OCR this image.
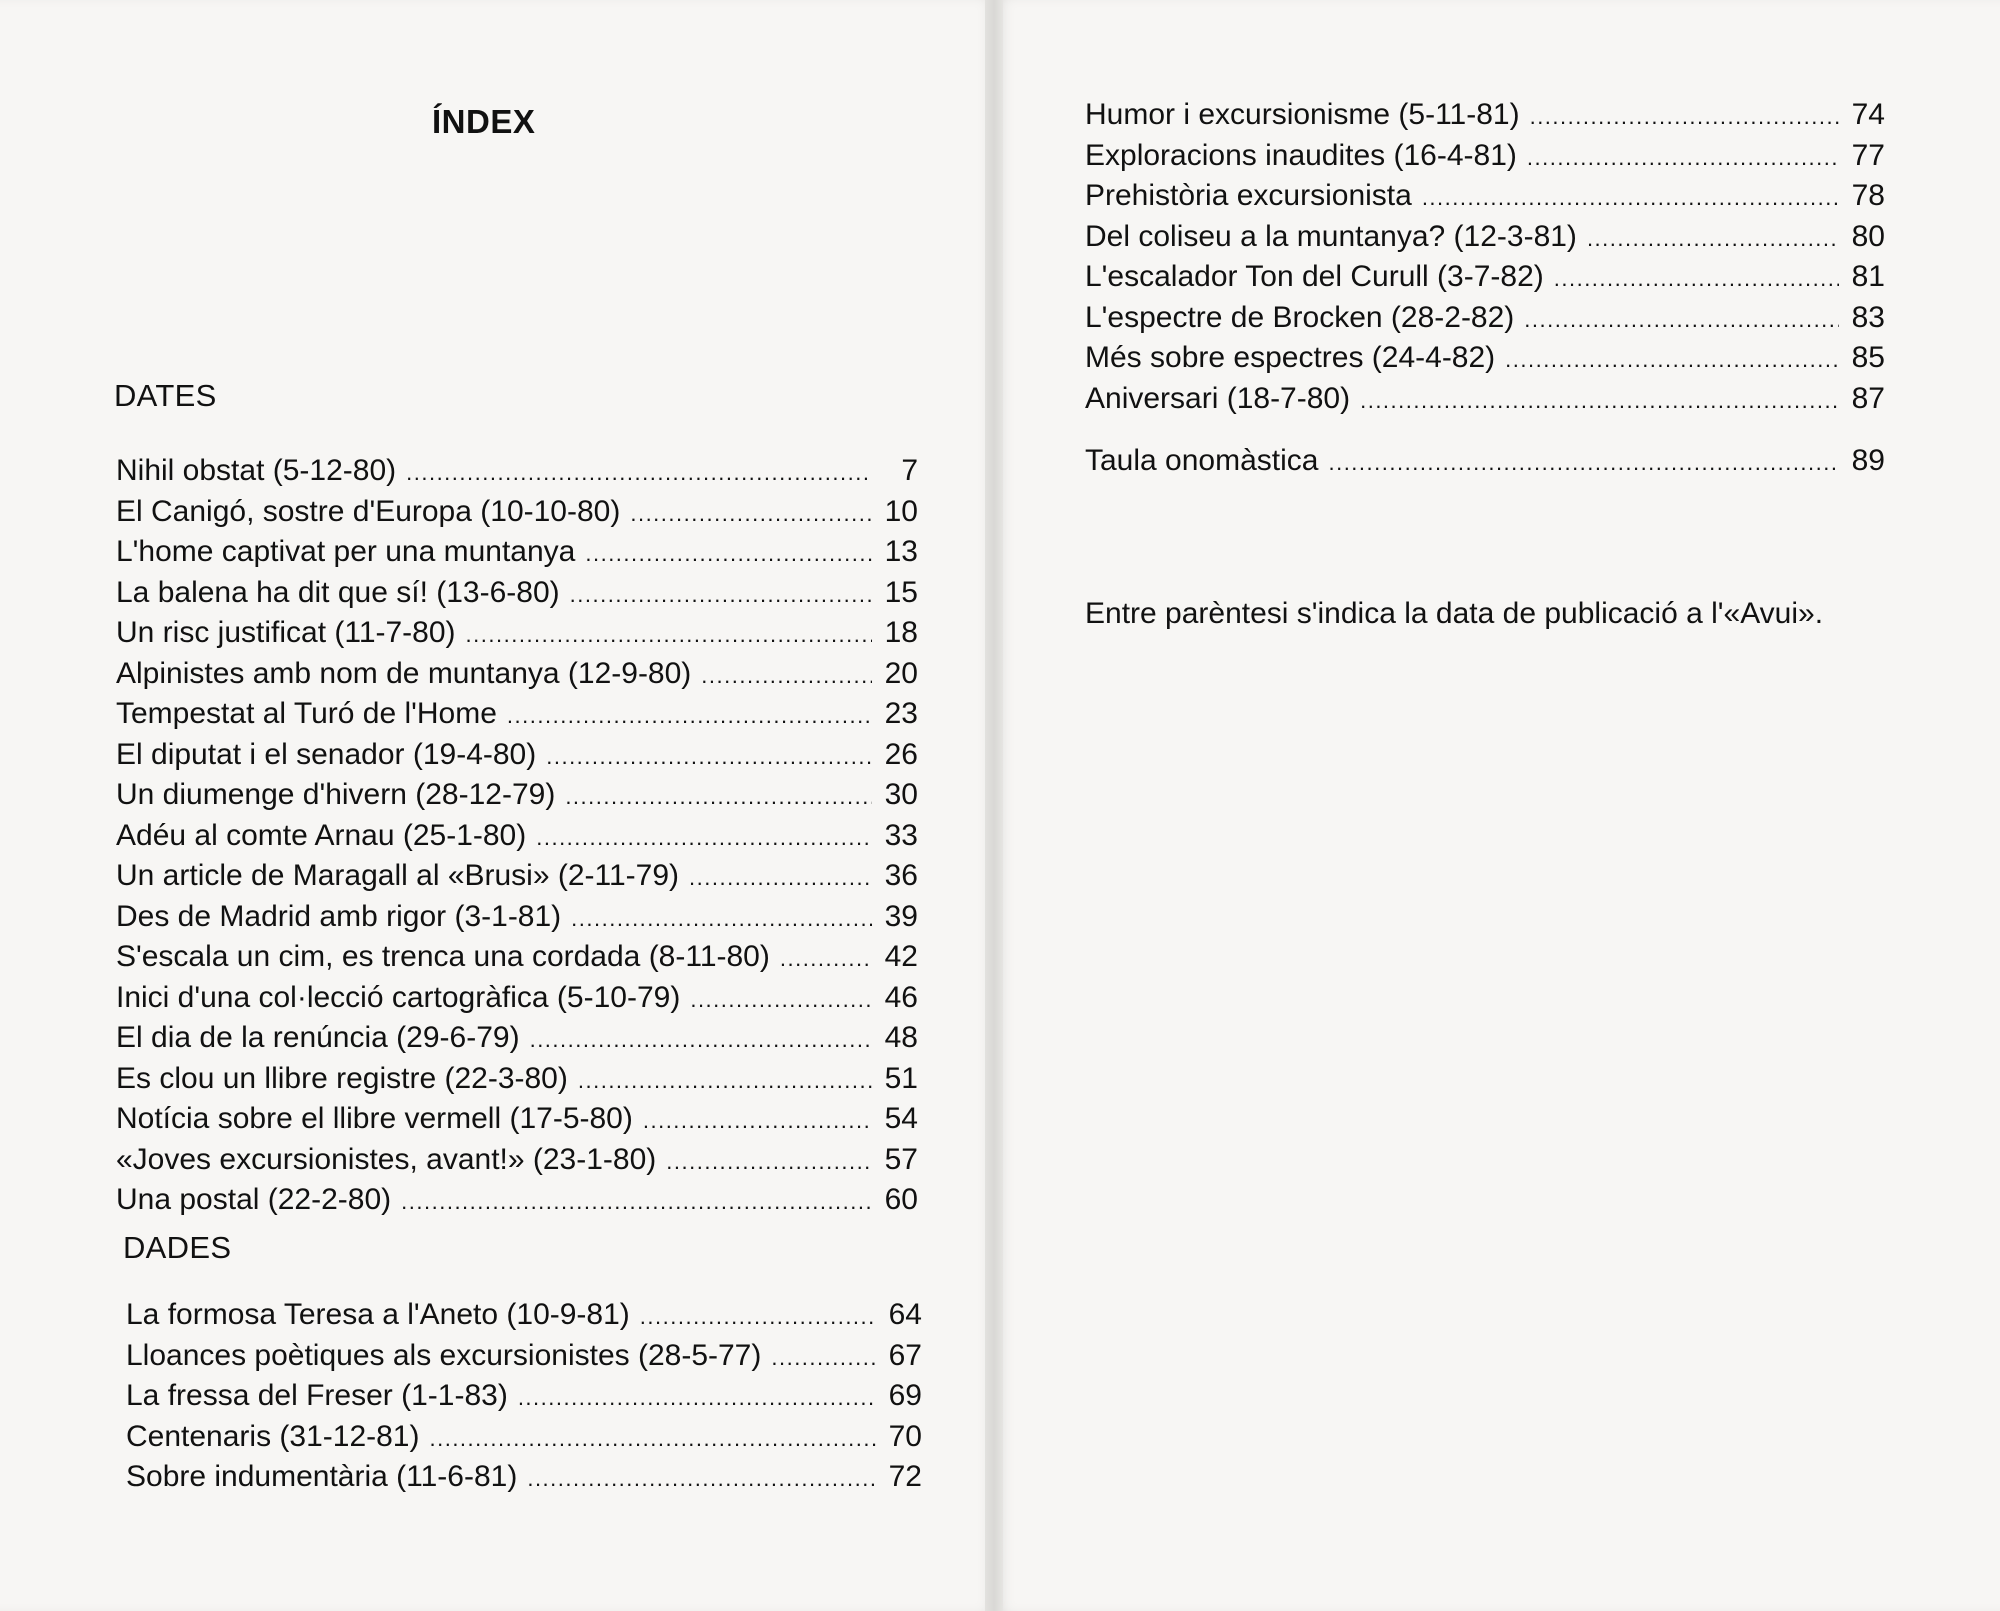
ÍNDEX
DATES
Nihil obstat (5-12-80) .....	7
El Canigó, sostre d'Europa (10-10-80) .....	10
L'home captivat per una muntanya .....	13
La balena ha dit que sí! (13-6-80) .....	15
Un risc justificat (11-7-80) .....	18
Alpinistes amb nom de muntanya (12-9-80) .....	20
Tempestat al Turó de l'Home .....	23
El diputat i el senador (19-4-80) .....	26
Un diumenge d'hivern (28-12-79) .....	30
Adéu al comte Arnau (25-1-80) .....	33
Un article de Maragall al «Brusi» (2-11-79) .....	36
Des de Madrid amb rigor (3-1-81) .....	39
S'escala un cim, es trenca una cordada (8-11-80) .....	42
Inici d'una col·lecció cartogràfica (5-10-79) .....	46
El dia de la renúncia (29-6-79) .....	48
Es clou un llibre registre (22-3-80) .....	51
Notícia sobre el llibre vermell (17-5-80) .....	54
«Joves excursionistes, avant!» (23-1-80) .....	57
Una postal (22-2-80) .....	60
DADES
La formosa Teresa a l'Aneto (10-9-81) .....	64
Lloances poètiques als excursionistes (28-5-77) .....	67
La fressa del Freser (1-1-83) .....	69
Centenaris (31-12-81) .....	70
Sobre indumentària (11-6-81) .....	72
Humor i excursionisme (5-11-81) .....	74
Exploracions inaudites (16-4-81) .....	77
Prehistòria excursionista .....	78
Del coliseu a la muntanya? (12-3-81) .....	80
L'escalador Ton del Curull (3-7-82) .....	81
L'espectre de Brocken (28-2-82) .....	83
Més sobre espectres (24-4-82) .....	85
Aniversari (18-7-80) .....	87
Taula onomàstica .....	89
Entre parèntesi s'indica la data de publicació a l'«Avui».
